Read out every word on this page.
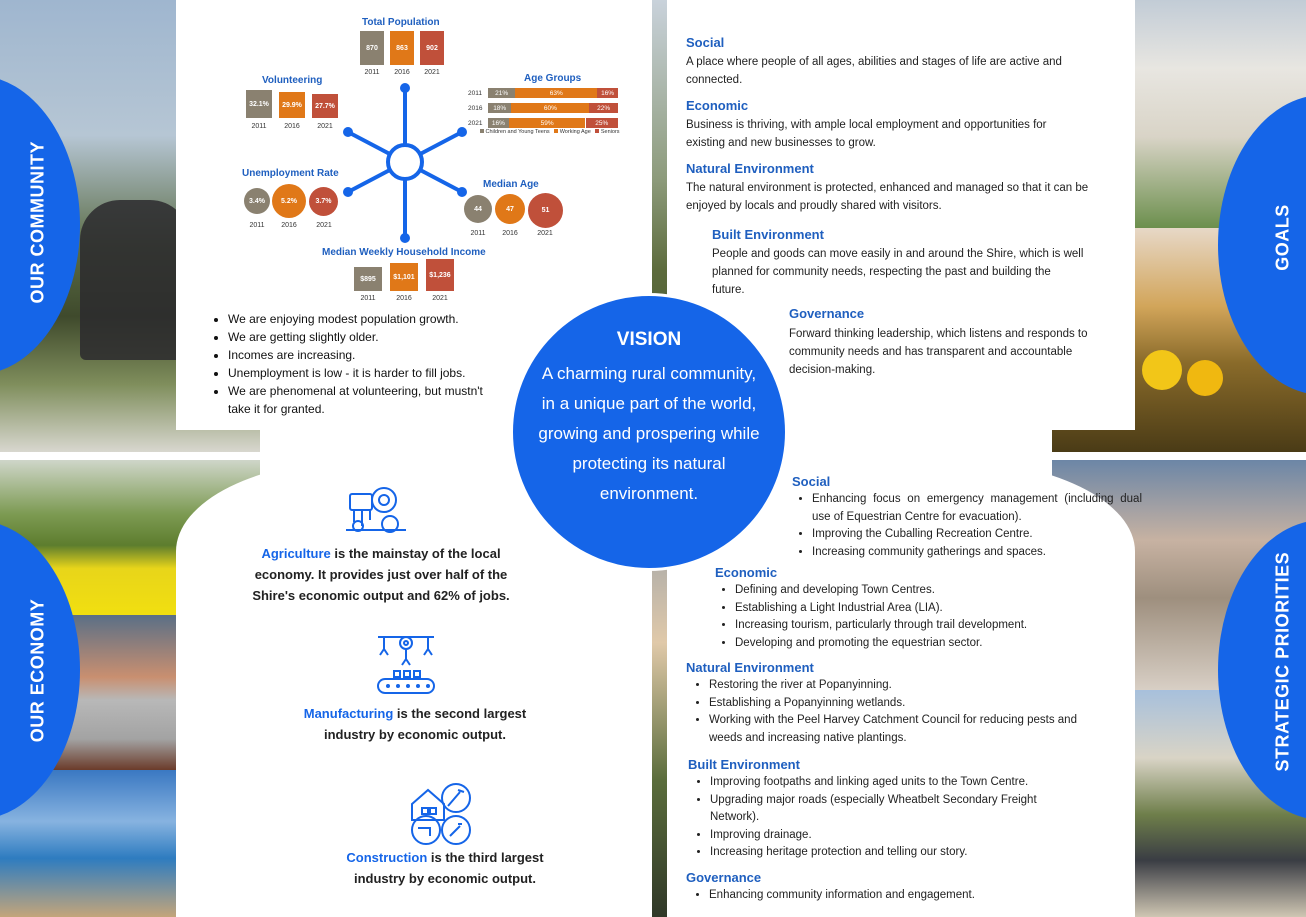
OUR COMMUNITY
Total Population
870	863	902
2011	2016	2021
Volunteering
32.1%	29.9%	27.7%
2011	2016	2021
Age Groups
2011	21%	63%	16%
2016	18%	60%	22%
2021	16%	59%	25%
Children and Young Teens Working Age Seniors
Unemployment Rate
3.4%	5.2%	3.7%
2011	2016	2021
Median Age
44	47	51
2011	2016	2021
Median Weekly Household Income
$895	$1,101	$1,236
2011	2016	2021
• We are enjoying modest population growth.
• We are getting slightly older.
• Incomes are increasing.
• Unemployment is low - it is harder to fill jobs.
• We are phenomenal at volunteering, but mustn't take it for granted.
GOALS
Social
A place where people of all ages, abilities and stages of life are active and connected.
Economic
Business is thriving, with ample local employment and opportunities for existing and new businesses to grow.
Natural Environment
The natural environment is protected, enhanced and managed so that it can be enjoyed by locals and proudly shared with visitors.
Built Environment
People and goods can move easily in and around the Shire, which is well planned for community needs, respecting the past and building the future.
Governance
Forward thinking leadership, which listens and responds to community needs and has transparent and accountable decision-making.
OUR ECONOMY
Agriculture is the mainstay of the local economy. It provides just over half of the Shire's economic output and 62% of jobs.
Manufacturing is the second largest industry by economic output.
Construction is the third largest industry by economic output.
STRATEGIC PRIORITIES
Social
• Enhancing focus on emergency management (including dual use of Equestrian Centre for evacuation).
• Improving the Cuballing Recreation Centre.
• Increasing community gatherings and spaces.
Economic
• Defining and developing Town Centres.
• Establishing a Light Industrial Area (LIA).
• Increasing tourism, particularly through trail development.
• Developing and promoting the equestrian sector.
Natural Environment
• Restoring the river at Popanyinning.
• Establishing a Popanyinning wetlands.
• Working with the Peel Harvey Catchment Council for reducing pests and weeds and increasing native plantings.
Built Environment
• Improving footpaths and linking aged units to the Town Centre.
• Upgrading major roads (especially Wheatbelt Secondary Freight Network).
• Improving drainage.
• Increasing heritage protection and telling our story.
Governance
• Enhancing community information and engagement.
VISION
A charming rural community, in a unique part of the world, growing and prospering while protecting its natural environment.
